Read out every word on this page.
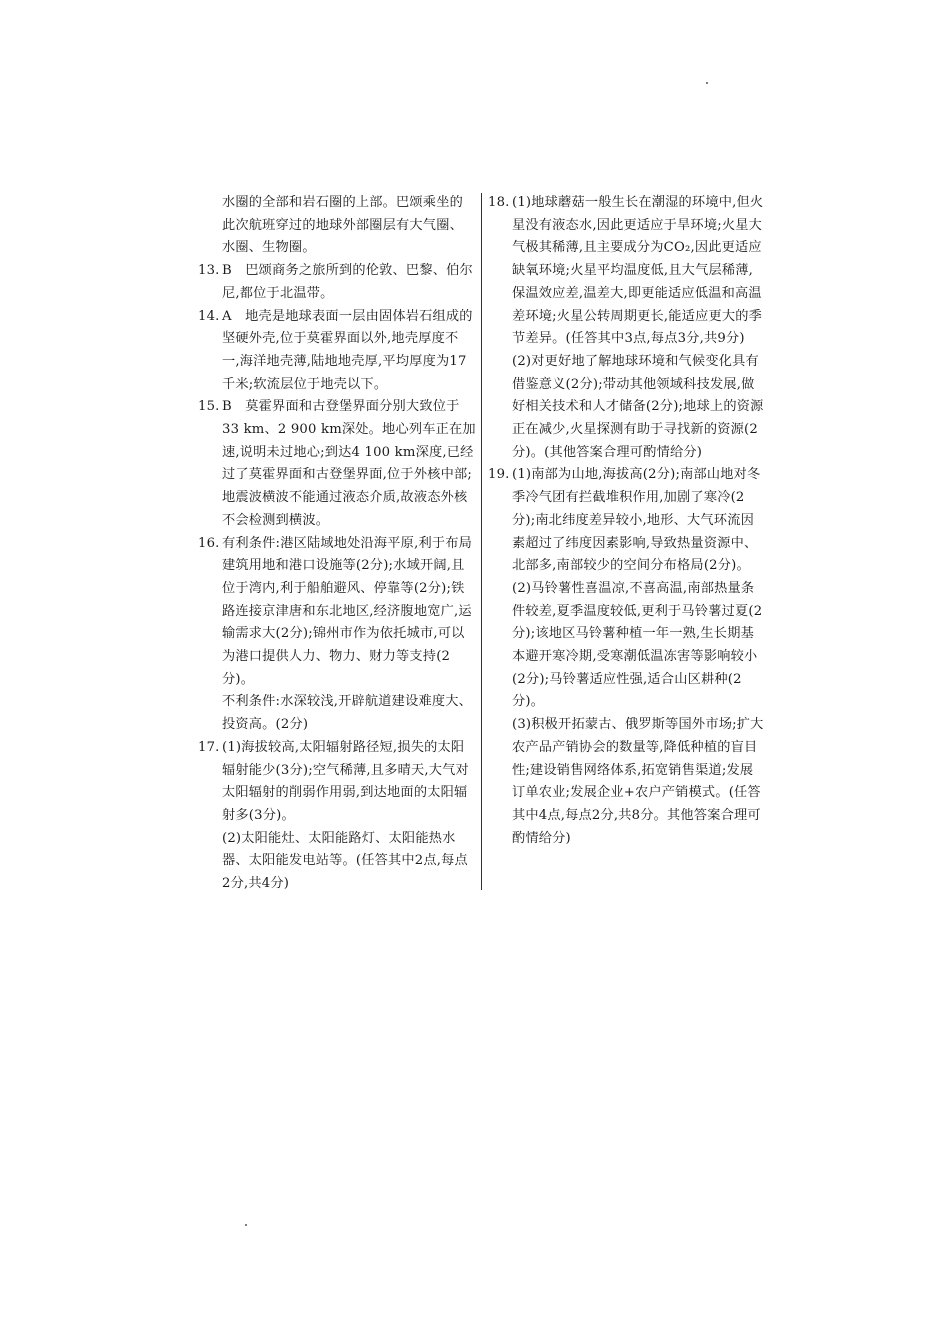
水圈的全部和岩石圈的上部。巴颂乘坐的此次航班穿过的地球外部圈层有大气圈、水圈、生物圈。

13. B　巴颂商务之旅所到的伦敦、巴黎、伯尔尼,都位于北温带。

14. A　地壳是地球表面一层由固体岩石组成的坚硬外壳,位于莫霍界面以外,地壳厚度不一,海洋地壳薄,陆地地壳厚,平均厚度为17千米;软流层位于地壳以下。

15. B　莫霍界面和古登堡界面分别大致位于33 km、2 900 km深处。地心列车正在加速,说明未过地心;到达4 100 km深度,已经过了莫霍界面和古登堡界面,位于外核中部;地震波横波不能通过液态介质,故液态外核不会检测到横波。

16. 有利条件:港区陆域地处沿海平原,利于布局建筑用地和港口设施等(2分);水域开阔,且位于湾内,利于船舶避风、停靠等(2分);铁路连接京津唐和东北地区,经济腹地宽广,运输需求大(2分);锦州市作为依托城市,可以为港口提供人力、物力、财力等支持(2分)。

不利条件:水深较浅,开辟航道建设难度大、投资高。(2分)

17. (1)海拔较高,太阳辐射路径短,损失的太阳辐射能少(3分);空气稀薄,且多晴天,大气对太阳辐射的削弱作用弱,到达地面的太阳辐射多(3分)。

(2)太阳能灶、太阳能路灯、太阳能热水器、太阳能发电站等。(任答其中2点,每点2分,共4分)

18. (1)地球蘑菇一般生长在潮湿的环境中,但火星没有液态水,因此更适应于旱环境;火星大气极其稀薄,且主要成分为CO₂,因此更适应缺氧环境;火星平均温度低,且大气层稀薄,保温效应差,温差大,即更能适应低温和高温差环境;火星公转周期更长,能适应更大的季节差异。(任答其中3点,每点3分,共9分)

(2)对更好地了解地球环境和气候变化具有借鉴意义(2分);带动其他领域科技发展,做好相关技术和人才储备(2分);地球上的资源正在减少,火星探测有助于寻找新的资源(2分)。(其他答案合理可酌情给分)

19. (1)南部为山地,海拔高(2分);南部山地对冬季冷气团有拦截堆积作用,加剧了寒冷(2分);南北纬度差异较小,地形、大气环流因素超过了纬度因素影响,导致热量资源中、北部多,南部较少的空间分布格局(2分)。

(2)马铃薯性喜温凉,不喜高温,南部热量条件较差,夏季温度较低,更利于马铃薯过夏(2分);该地区马铃薯种植一年一熟,生长期基本避开寒冷期,受寒潮低温冻害等影响较小(2分);马铃薯适应性强,适合山区耕种(2分)。

(3)积极开拓蒙古、俄罗斯等国外市场;扩大农产品产销协会的数量等,降低种植的盲目性;建设销售网络体系,拓宽销售渠道;发展订单农业;发展企业+农户产销模式。(任答其中4点,每点2分,共8分。其他答案合理可酌情给分)
